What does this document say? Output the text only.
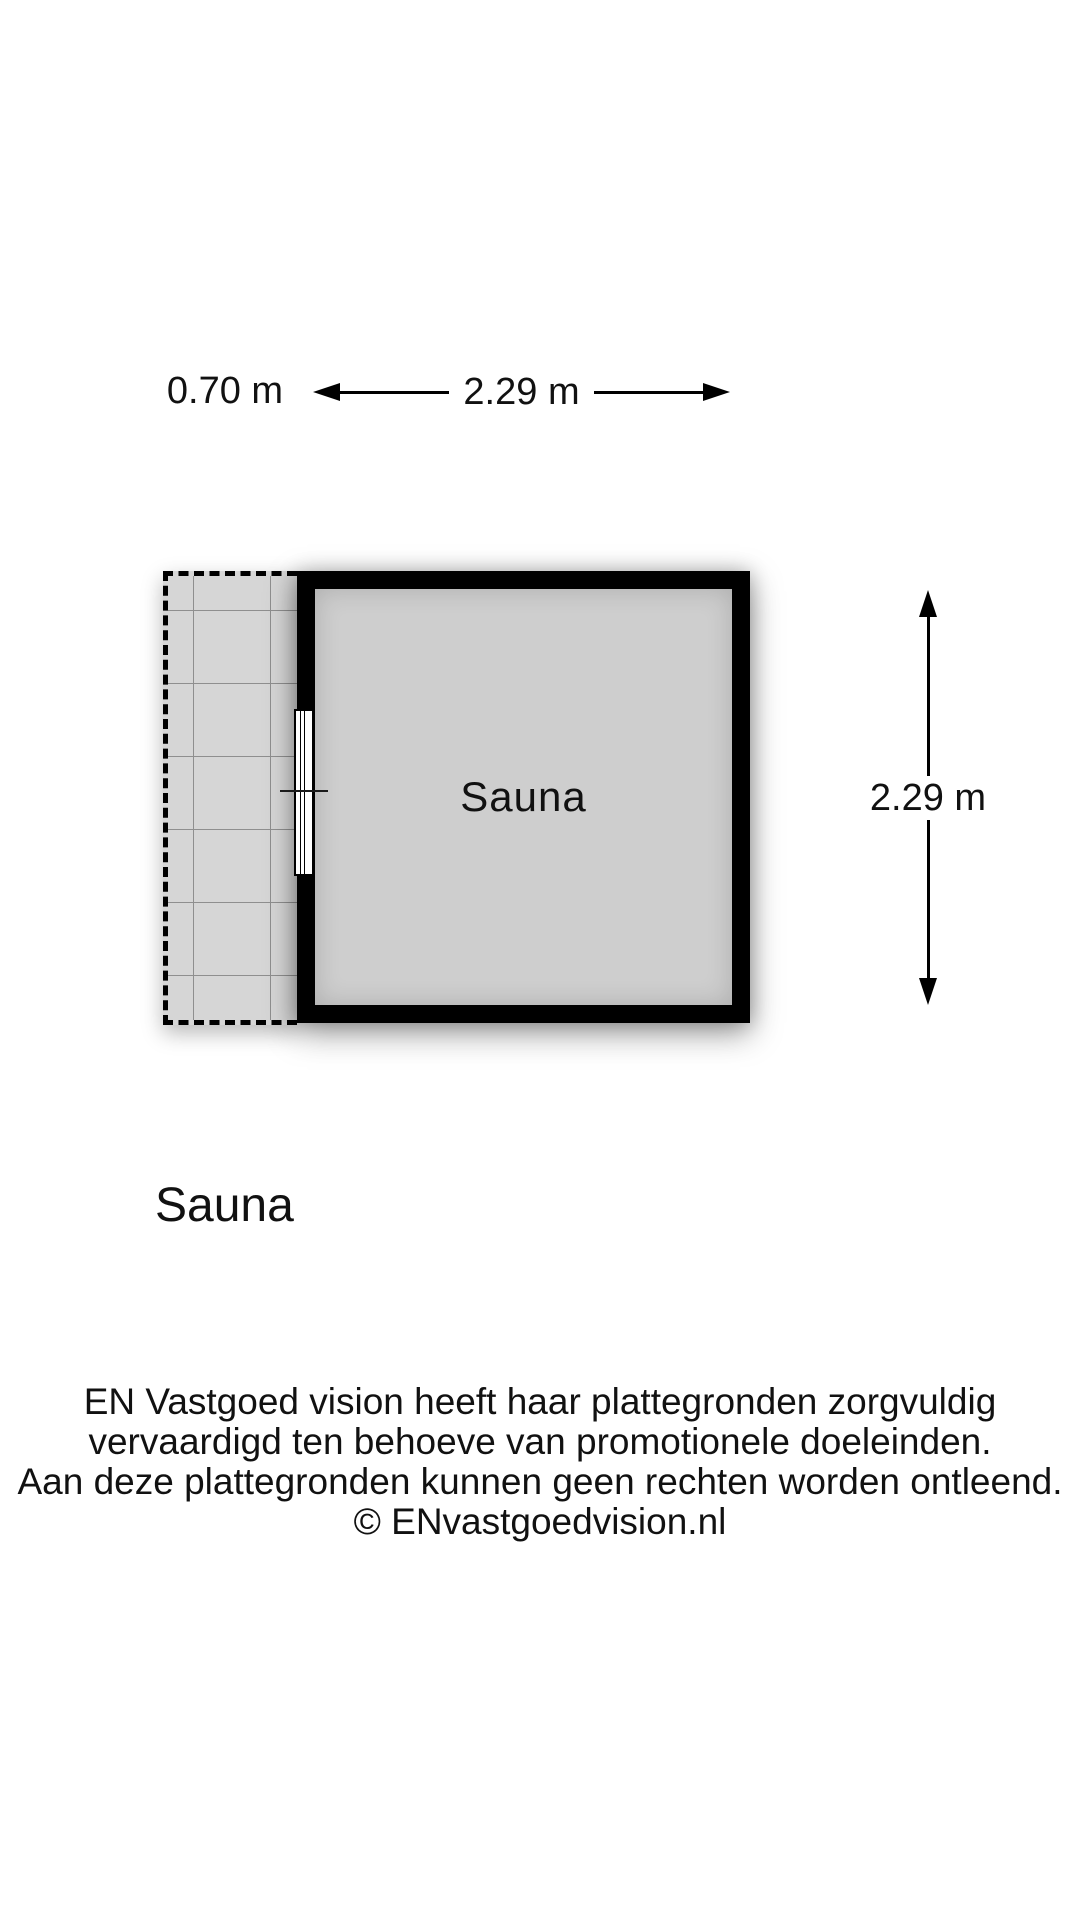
0.70 m	2.29 m
Sauna	2.29 m
Sauna
EN Vastgoed vision heeft haar plattegronden zorgvuldig
vervaardigd ten behoeve van promotionele doeleinden.
Aan deze plattegronden kunnen geen rechten worden ontleend.
© ENvastgoedvision.nl
